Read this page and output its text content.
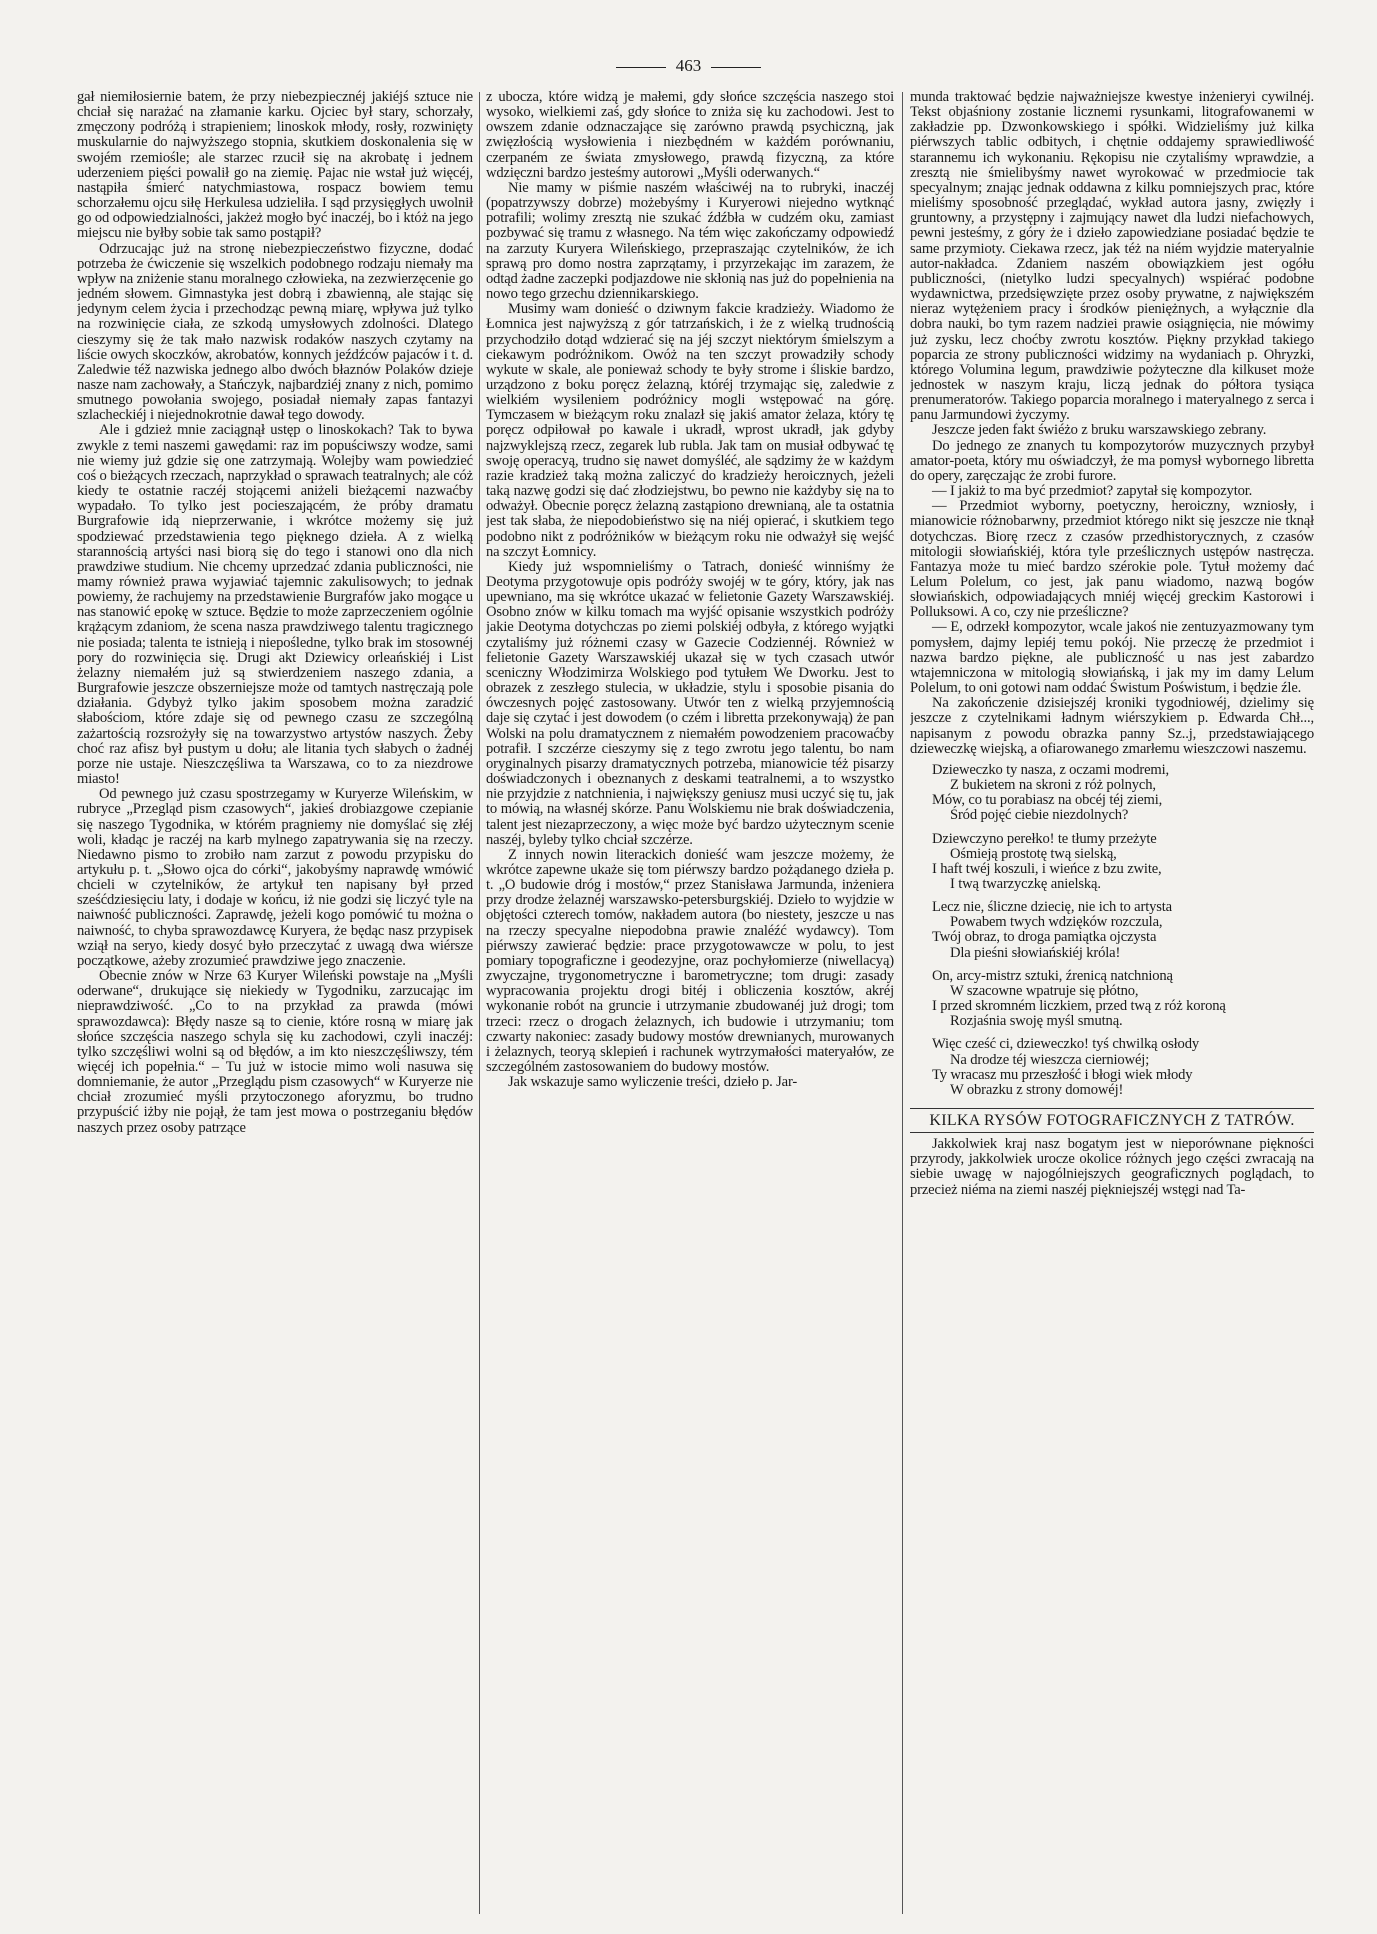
463

gał niemiłosiernie batem, że przy niebezpiecznéj jakiéjś sztuce nie chciał się narażać na złamanie karku. Ojciec był stary, schorzały, zmęczony podróżą i strapieniem; linoskok młody, rosły, rozwinięty muskularnie do najwyższego stopnia, skutkiem doskonalenia się w swojém rzemiośle; ale starzec rzucił się na akrobatę i jednem uderzeniem pięści powalił go na ziemię. Pajac nie wstał już więcéj, nastąpiła śmierć natychmiastowa, rospacz bowiem temu schorzałemu ojcu siłę Herkulesa udzieliła. I sąd przysięgłych uwolnił go od odpowiedzialności, jakżeż mogło być inaczéj, bo i któż na jego miejscu nie byłby sobie tak samo postąpił?

Odrzucając już na stronę niebezpieczeństwo fizyczne, dodać potrzeba że ćwiczenie się wszelkich podobnego rodzaju niemały ma wpływ na zniżenie stanu moralnego człowieka, na zezwierzęcenie go jedném słowem. Gimnastyka jest dobrą i zbawienną, ale stając się jedynym celem życia i przechodząc pewną miarę, wpływa już tylko na rozwinięcie ciała, ze szkodą umysłowych zdolności. Dlatego cieszymy się że tak mało nazwisk rodaków naszych czytamy na liście owych skoczków, akrobatów, konnych jeźdźców pajaców i t. d. Zaledwie též nazwiska jednego albo dwóch błaznów Polaków dzieje nasze nam zachowały, a Stańczyk, najbardziéj znany z nich, pomimo smutnego powołania swojego, posiadał niemały zapas fantazyi szlacheckiéj i niejednokrotnie dawał tego dowody.

Ale i gdzież mnie zaciągnął ustęp o linoskokach? Tak to bywa zwykle z temi naszemi gawędami: raz im popuściwszy wodze, sami nie wiemy już gdzie się one zatrzymają. Wolejby wam powiedzieć coś o bieżących rzeczach, naprzykład o sprawach teatralnych; ale cóż kiedy te ostatnie raczéj stojącemi aniżeli bieżącemi nazwaćby wypadało. To tylko jest pocieszającém, że próby dramatu Burgrafowie idą nieprzerwanie, i wkrótce możemy się już spodziewać przedstawienia tego pięknego dzieła. A z wielką starannością artyści nasi biorą się do tego i stanowi ono dla nich prawdziwe studium. Nie chcemy uprzedzać zdania publiczności, nie mamy również prawa wyjawiać tajemnic zakulisowych; to jednak powiemy, że rachujemy na przedstawienie Burgrafów jako mogące u nas stanowić epokę w sztuce. Będzie to może zaprzeczeniem ogólnie krążącym zdaniom, że scena nasza prawdziwego talentu tragicznego nie posiada; talenta te istnieją i niepośledne, tylko brak im stosownéj pory do rozwinięcia się. Drugi akt Dziewicy orleańskiéj i List żelazny niemałém już są stwierdzeniem naszego zdania, a Burgrafowie jeszcze obszerniejsze może od tamtych nastręczają pole działania. Gdybyż tylko jakim sposobem można zaradzić słabościom, które zdaje się od pewnego czasu ze szczególną zażartością rozsrożyły się na towarzystwo artystów naszych. Żeby choć raz afisz był pustym u dołu; ale litania tych słabych o żadnéj porze nie ustaje. Nieszczęśliwa ta Warszawa, co to za niezdrowe miasto!

Od pewnego już czasu spostrzegamy w Kuryerze Wileńskim, w rubryce „Przegląd pism czasowych“, jakieś drobiazgowe czepianie się naszego Tygodnika, w którém pragniemy nie domyślać się złéj woli, kładąc je raczéj na karb mylnego zapatrywania się na rzeczy. Niedawno pismo to zrobiło nam zarzut z powodu przypisku do artykułu p. t. „Słowo ojca do córki“, jakobyśmy naprawdę wmówić chcieli w czytelników, że artykuł ten napisany był przed sześćdziesięciu laty, i dodaje w końcu, iż nie godzi się liczyć tyle na naiwność publiczności. Zaprawdę, jeżeli kogo pomówić tu można o naiwność, to chyba sprawozdawcę Kuryera, że będąc nasz przypisek wziął na seryo, kiedy dosyć było przeczytać z uwagą dwa wiérsze początkowe, ażeby zrozumieć prawdziwe jego znaczenie.

Obecnie znów w Nrze 63 Kuryer Wileński powstaje na „Myśli oderwane“, drukujące się niekiedy w Tygodniku, zarzucając im nieprawdziwość. „Co to na przykład za prawda (mówi sprawozdawca): Błędy nasze są to cienie, które rosną w miarę jak słońce szczęścia naszego schyla się ku zachodowi, czyli inaczéj: tylko szczęśliwi wolni są od błędów, a im kto nieszczęśliwszy, tém więcéj ich popełnia.“ – Tu już w istocie mimo woli nasuwa się domniemanie, że autor „Przeglądu pism czasowych“ w Kuryerze nie chciał zrozumieć myśli przytoczonego aforyzmu, bo trudno przypuścić iżby nie pojął, że tam jest mowa o postrzeganiu błędów naszych przez osoby patrzące

z ubocza, które widzą je małemi, gdy słońce szczęścia naszego stoi wysoko, wielkiemi zaś, gdy słońce to zniża się ku zachodowi. Jest to owszem zdanie odznaczające się zarówno prawdą psychiczną, jak zwięzłością wysłowienia i niezbędném w każdém porównaniu, czerpaném ze świata zmysłowego, prawdą fizyczną, za które wdzięczni bardzo jesteśmy autorowi „Myśli oderwanych.“

Nie mamy w piśmie naszém właściwéj na to rubryki, inaczéj (popatrzywszy dobrze) możebyśmy i Kuryerowi niejedno wytknąć potrafili; wolimy zresztą nie szukać źdźbła w cudzém oku, zamiast pozbywać się tramu z własnego. Na tém więc zakończamy odpowiedź na zarzuty Kuryera Wileńskiego, przepraszając czytelników, że ich sprawą pro domo nostra zaprzątamy, i przyrzekając im zarazem, że odtąd żadne zaczepki podjazdowe nie skłonią nas już do popełnienia na nowo tego grzechu dziennikarskiego.

Musimy wam donieść o dziwnym fakcie kradzieży. Wiadomo że Łomnica jest najwyższą z gór tatrzańskich, i że z wielką trudnością przychodziło dotąd wdzierać się na jéj szczyt niektórym śmielszym a ciekawym podróżnikom. Owóż na ten szczyt prowadziły schody wykute w skale, ale ponieważ schody te były strome i śliskie bardzo, urządzono z boku poręcz żelazną, któréj trzymając się, zaledwie z wielkiém wysileniem podróżnicy mogli wstępować na górę. Tymczasem w bieżącym roku znalazł się jakiś amator żelaza, który tę poręcz odpiłował po kawale i ukradł, wprost ukradł, jak gdyby najzwyklejszą rzecz, zegarek lub rubla. Jak tam on musiał odbywać tę swoję operacyą, trudno się nawet domyśléć, ale sądzimy że w każdym razie kradzież taką można zaliczyć do kradzieży heroicznych, jeżeli taką nazwę godzi się dać złodziejstwu, bo pewno nie każdyby się na to odważył. Obecnie poręcz żelazną zastąpiono drewnianą, ale ta ostatnia jest tak słaba, że niepodobieństwo się na niéj opierać, i skutkiem tego podobno nikt z podróżników w bieżącym roku nie odważył się wejść na szczyt Łomnicy.

Kiedy już wspomnieliśmy o Tatrach, donieść winniśmy że Deotyma przygotowuje opis podróży swojéj w te góry, który, jak nas upewniano, ma się wkrótce ukazać w felietonie Gazety Warszawskiéj. Osobno znów w kilku tomach ma wyjść opisanie wszystkich podróży jakie Deotyma dotychczas po ziemi polskiéj odbyła, z którego wyjątki czytaliśmy już różnemi czasy w Gazecie Codziennéj. Również w felietonie Gazety Warszawskiéj ukazał się w tych czasach utwór sceniczny Włodzimirza Wolskiego pod tytułem We Dworku. Jest to obrazek z zeszłego stulecia, w układzie, stylu i sposobie pisania do ówczesnych pojęć zastosowany. Utwór ten z wielką przyjemnością daje się czytać i jest dowodem (o czém i libretta przekonywają) że pan Wolski na polu dramatycznem z niemałém powodzeniem pracowaćby potrafił. I szczérze cieszymy się z tego zwrotu jego talentu, bo nam oryginalnych pisarzy dramatycznych potrzeba, mianowicie téż pisarzy doświadczonych i obeznanych z deskami teatralnemi, a to wszystko nie przyjdzie z natchnienia, i największy geniusz musi uczyć się tu, jak to mówią, na własnéj skórze. Panu Wolskiemu nie brak doświadczenia, talent jest niezaprzeczony, a więc może być bardzo użytecznym scenie naszéj, byleby tylko chciał szczérze.

Z innych nowin literackich donieść wam jeszcze możemy, że wkrótce zapewne ukaże się tom piérwszy bardzo pożądanego dzieła p. t. „O budowie dróg i mostów,“ przez Stanisława Jarmunda, inżeniera przy drodze żelaznéj warszawsko-petersburgskiéj. Dzieło to wyjdzie w objętości czterech tomów, nakładem autora (bo niestety, jeszcze u nas na rzeczy specyalne niepodobna prawie znaléźć wydawcy). Tom piérwszy zawierać będzie: prace przygotowawcze w polu, to jest pomiary topograficzne i geodezyjne, oraz pochyłomierze (niwellacyą) zwyczajne, trygonometryczne i barometryczne; tom drugi: zasady wypracowania projektu drogi bitéj i obliczenia kosztów, akréj wykonanie robót na gruncie i utrzymanie zbudowanéj już drogi; tom trzeci: rzecz o drogach żelaznych, ich budowie i utrzymaniu; tom czwarty nakoniec: zasady budowy mostów drewnianych, murowanych i żelaznych, teoryą sklepień i rachunek wytrzymałości materyałów, ze szczególném zastosowaniem do budowy mostów.

Jak wskazuje samo wyliczenie treści, dzieło p. Jar-

munda traktować będzie najważniejsze kwestye inżenieryi cywilnéj. Tekst objaśniony zostanie licznemi rysunkami, litografowanemi w zakładzie pp. Dzwonkowskiego i spółki. Widzieliśmy już kilka piérwszych tablic odbitych, i chętnie oddajemy sprawiedliwość starannemu ich wykonaniu. Rękopisu nie czytaliśmy wprawdzie, a zresztą nie śmielibyśmy nawet wyrokować w przedmiocie tak specyalnym; znając jednak oddawna z kilku pomniejszych prac, które mieliśmy sposobność przeglądać, wykład autora jasny, zwięzły i gruntowny, a przystępny i zajmujący nawet dla ludzi niefachowych, pewni jesteśmy, z góry że i dzieło zapowiedziane posiadać będzie te same przymioty. Ciekawa rzecz, jak téż na niém wyjdzie materyalnie autor-nakładca. Zdaniem naszém obowiązkiem jest ogółu publiczności, (nietylko ludzi specyalnych) wspiérać podobne wydawnictwa, przedsięwzięte przez osoby prywatne, z największém nieraz wytężeniem pracy i środków pieniężnych, a wyłącznie dla dobra nauki, bo tym razem nadziei prawie osiągnięcia, nie mówimy już zysku, lecz choćby zwrotu kosztów. Piękny przykład takiego poparcia ze strony publiczności widzimy na wydaniach p. Ohryzki, którego Volumina legum, prawdziwie pożyteczne dla kilkuset może jednostek w naszym kraju, liczą jednak do półtora tysiąca prenumeratorów. Takiego poparcia moralnego i materyalnego z serca i panu Jarmundowi życzymy.

Jeszcze jeden fakt świéżo z bruku warszawskiego zebrany.

Do jednego ze znanych tu kompozytorów muzycznych przybył amator-poeta, który mu oświadczył, że ma pomysł wybornego libretta do opery, zaręczając że zrobi furore.

— I jakiż to ma być przedmiot? zapytał się kompozytor.

— Przedmiot wyborny, poetyczny, heroiczny, wzniosły, i mianowicie różnobarwny, przedmiot którego nikt się jeszcze nie tknął dotychczas. Biorę rzecz z czasów przedhistorycznych, z czasów mitologii słowiańskiéj, która tyle prześlicznych ustępów nastręcza. Fantazya może tu mieć bardzo szérokie pole. Tytuł możemy dać Lelum Polelum, co jest, jak panu wiadomo, nazwą bogów słowiańskich, odpowiadających mniéj więcéj greckim Kastorowi i Polluksowi. A co, czy nie prześliczne?

— E, odrzekł kompozytor, wcale jakoś nie zentuzyazmowany tym pomysłem, dajmy lepiéj temu pokój. Nie przeczę że przedmiot i nazwa bardzo piękne, ale publiczność u nas jest zabardzo wtajemniczona w mitologią słowiańską, i jak my im damy Lelum Polelum, to oni gotowi nam oddać Świstum Poświstum, i będzie źle.

Na zakończenie dzisiejszéj kroniki tygodniowéj, dzielimy się jeszcze z czytelnikami ładnym wiérszykiem p. Edwarda Chł..., napisanym z powodu obrazka panny Sz..j, przedstawiającego dzieweczkę wiejską, a ofiarowanego zmarłemu wieszczowi naszemu.

Dzieweczko ty nasza, z oczami modremi,
Z bukietem na skroni z róż polnych,
Mów, co tu porabiasz na obcéj téj ziemi,
Śród pojęć ciebie niezdolnych?
Dziewczyno perełko! te tłumy przeżyte
Ośmieją prostotę twą sielską,
I haft twéj koszuli, i wieńce z bzu zwite,
I twą twarzyczkę anielską.
Lecz nie, śliczne dziecię, nie ich to artysta
Powabem twych wdzięków rozczula,
Twój obraz, to droga pamiątka ojczysta
Dla pieśni słowiańskiéj króla!
On, arcy-mistrz sztuki, źrenicą natchnioną
W szacowne wpatruje się płótno,
I przed skromném liczkiem, przed twą z róż koroną
Rozjaśnia swoję myśl smutną.
Więc cześć ci, dzieweczko! tyś chwilką osłody
Na drodze téj wieszcza cierniowéj;
Ty wracasz mu przeszłość i błogi wiek młody
W obrazku z strony domowéj!
KILKA RYSÓW FOTOGRAFICZNYCH Z TATRÓW.

Jakkolwiek kraj nasz bogatym jest w nieporównane piękności przyrody, jakkolwiek urocze okolice różnych jego części zwracają na siebie uwagę w najogólniejszych geograficznych poglądach, to przecież niéma na ziemi naszéj piękniejszéj wstęgi nad Ta-
